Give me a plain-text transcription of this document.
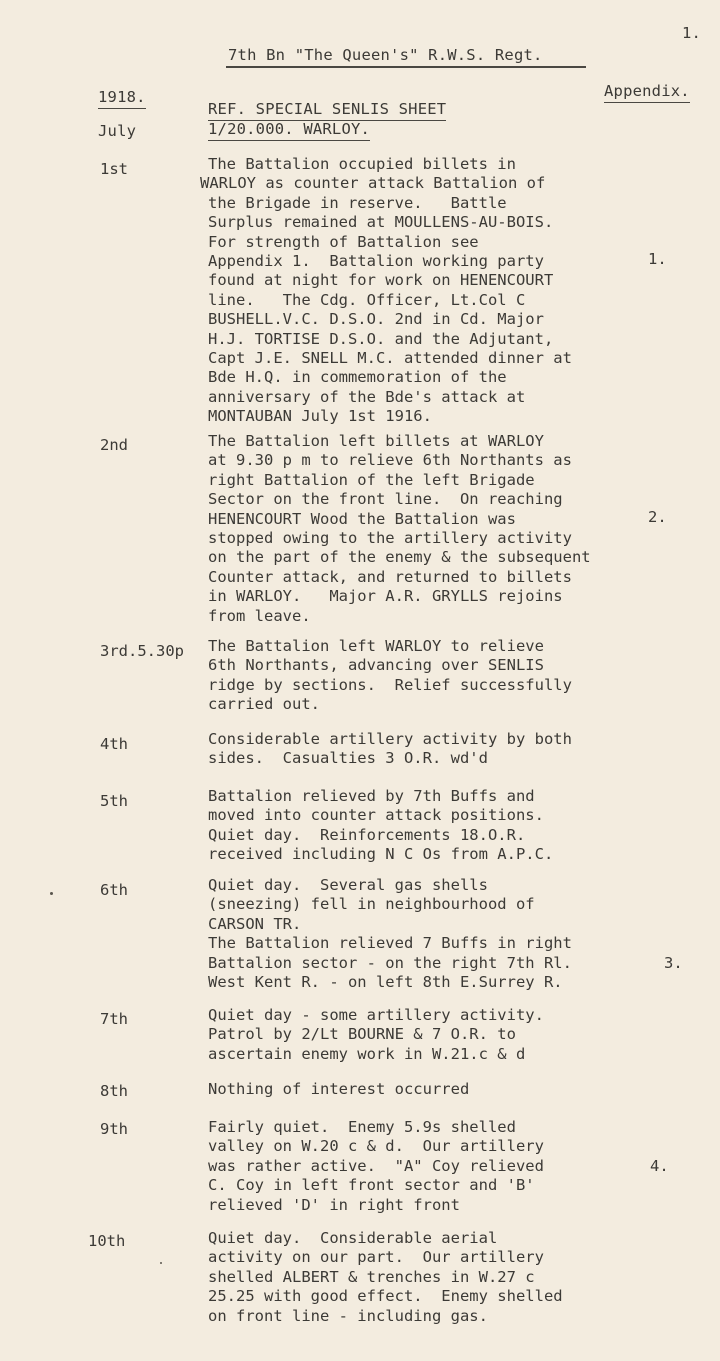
1.
7th Bn "The Queen's" R.W.S. Regt.
1918.	Appendix.
REF. SPECIAL SENLIS SHEET
1/20.000. WARLOY.
July
1st	The Battalion occupied billets in
WARLOY as counter attack Battalion of
the Brigade in reserve.   Battle
Surplus remained at MOULLENS-AU-BOIS.
For strength of Battalion see
Appendix 1.  Battalion working party
found at night for work on HENENCOURT
line.   The Cdg. Officer, Lt.Col C
BUSHELL.V.C. D.S.O. 2nd in Cd. Major
H.J. TORTISE D.S.O. and the Adjutant,
Capt J.E. SNELL M.C. attended dinner at
Bde H.Q. in commemoration of the
anniversary of the Bde's attack at
MONTAUBAN July 1st 1916.
1.
2nd	The Battalion left billets at WARLOY
at 9.30 p m to relieve 6th Northants as
right Battalion of the left Brigade
Sector on the front line.  On reaching
HENENCOURT Wood the Battalion was
stopped owing to the artillery activity
on the part of the enemy & the subsequent
Counter attack, and returned to billets
in WARLOY.   Major A.R. GRYLLS rejoins
from leave.
2.
3rd.5.30p The Battalion left WARLOY to relieve
6th Northants, advancing over SENLIS
ridge by sections.  Relief successfully
carried out.
4th	Considerable artillery activity by both
sides.  Casualties 3 O.R. wd'd
5th	Battalion relieved by 7th Buffs and
moved into counter attack positions.
Quiet day.  Reinforcements 18.O.R.
received including N C Os from A.P.C.
6th	Quiet day.  Several gas shells
(sneezing) fell in neighbourhood of
CARSON TR.
The Battalion relieved 7 Buffs in right
Battalion sector - on the right 7th Rl.
West Kent R. - on left 8th E.Surrey R.
3.
7th	Quiet day - some artillery activity.
Patrol by 2/Lt BOURNE & 7 O.R. to
ascertain enemy work in W.21.c & d
8th	Nothing of interest occurred
9th	Fairly quiet.  Enemy 5.9s shelled
valley on W.20 c & d.  Our artillery
was rather active.  "A" Coy relieved
C. Coy in left front sector and 'B'
relieved 'D' in right front
4.
10th	Quiet day.  Considerable aerial
activity on our part.  Our artillery
shelled ALBERT & trenches in W.27 c
25.25 with good effect.  Enemy shelled
on front line - including gas.
